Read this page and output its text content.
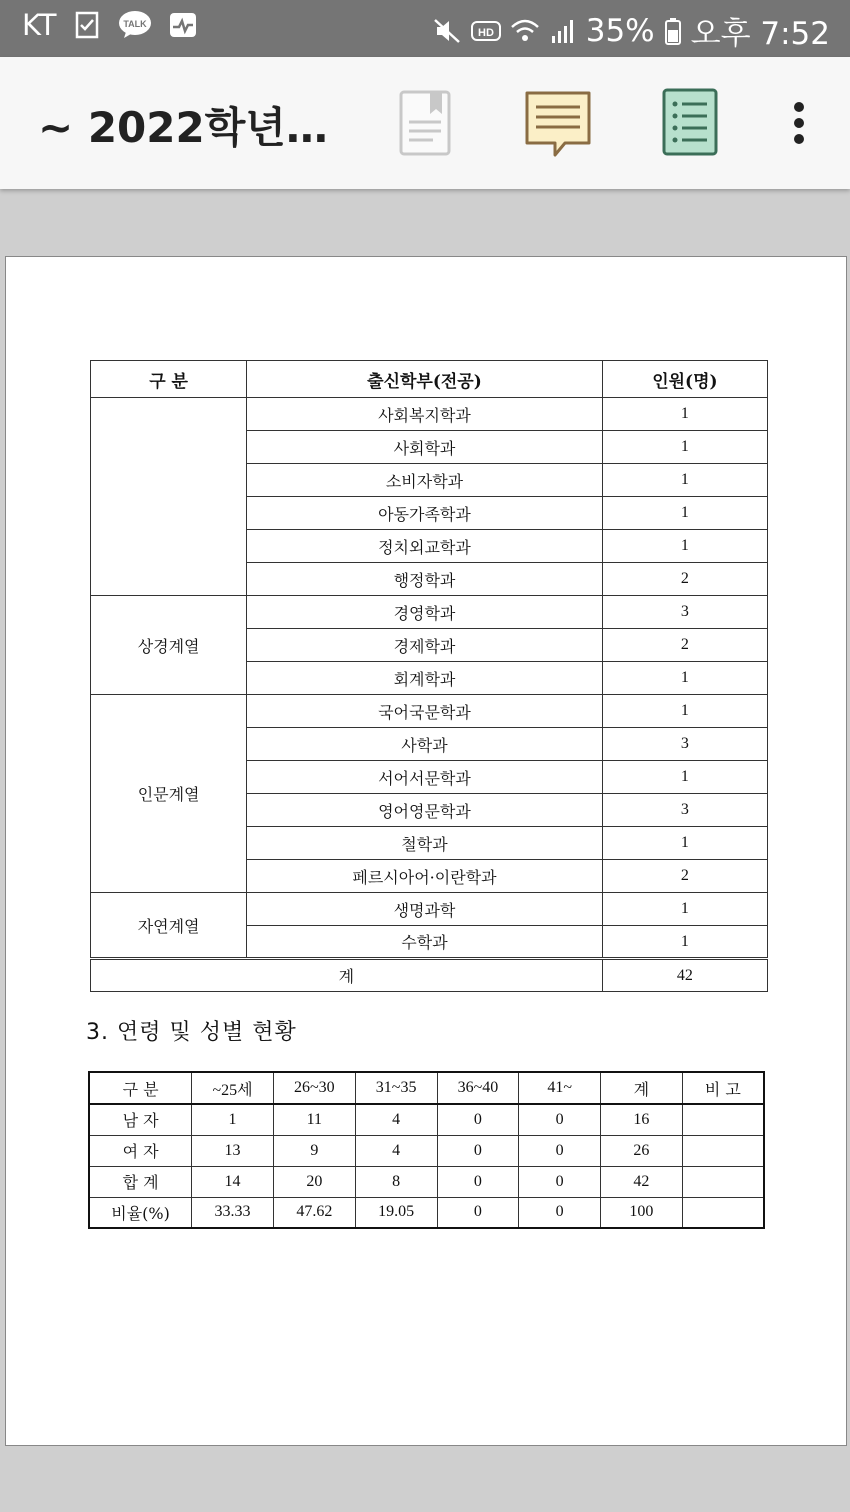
KT	TALK
HD	35% 오후 7:52
~ 2022학년…
구 분	출신학부(전공)	인원(명)
	사회복지학과	1
	사회학과	1
	소비자학과	1
	아동가족학과	1
	정치외교학과	1
	행정학과	2
상경계열	경영학과	3
	경제학과	2
	회계학과	1
인문계열	국어국문학과	1
	사학과	3
	서어서문학과	1
	영어영문학과	3
	철학과	1
	페르시아어·이란학과	2
자연계열	생명과학	1
	수학과	1
계		42
3. 연령 및 성별 현황
구 분	~25세	26~30	31~35	36~40	41~	계	비 고
남 자	1	11	4	0	0	16	
여 자	13	9	4	0	0	26	
합 계	14	20	8	0	0	42	
비율(%)	33.33	47.62	19.05	0	0	100	
